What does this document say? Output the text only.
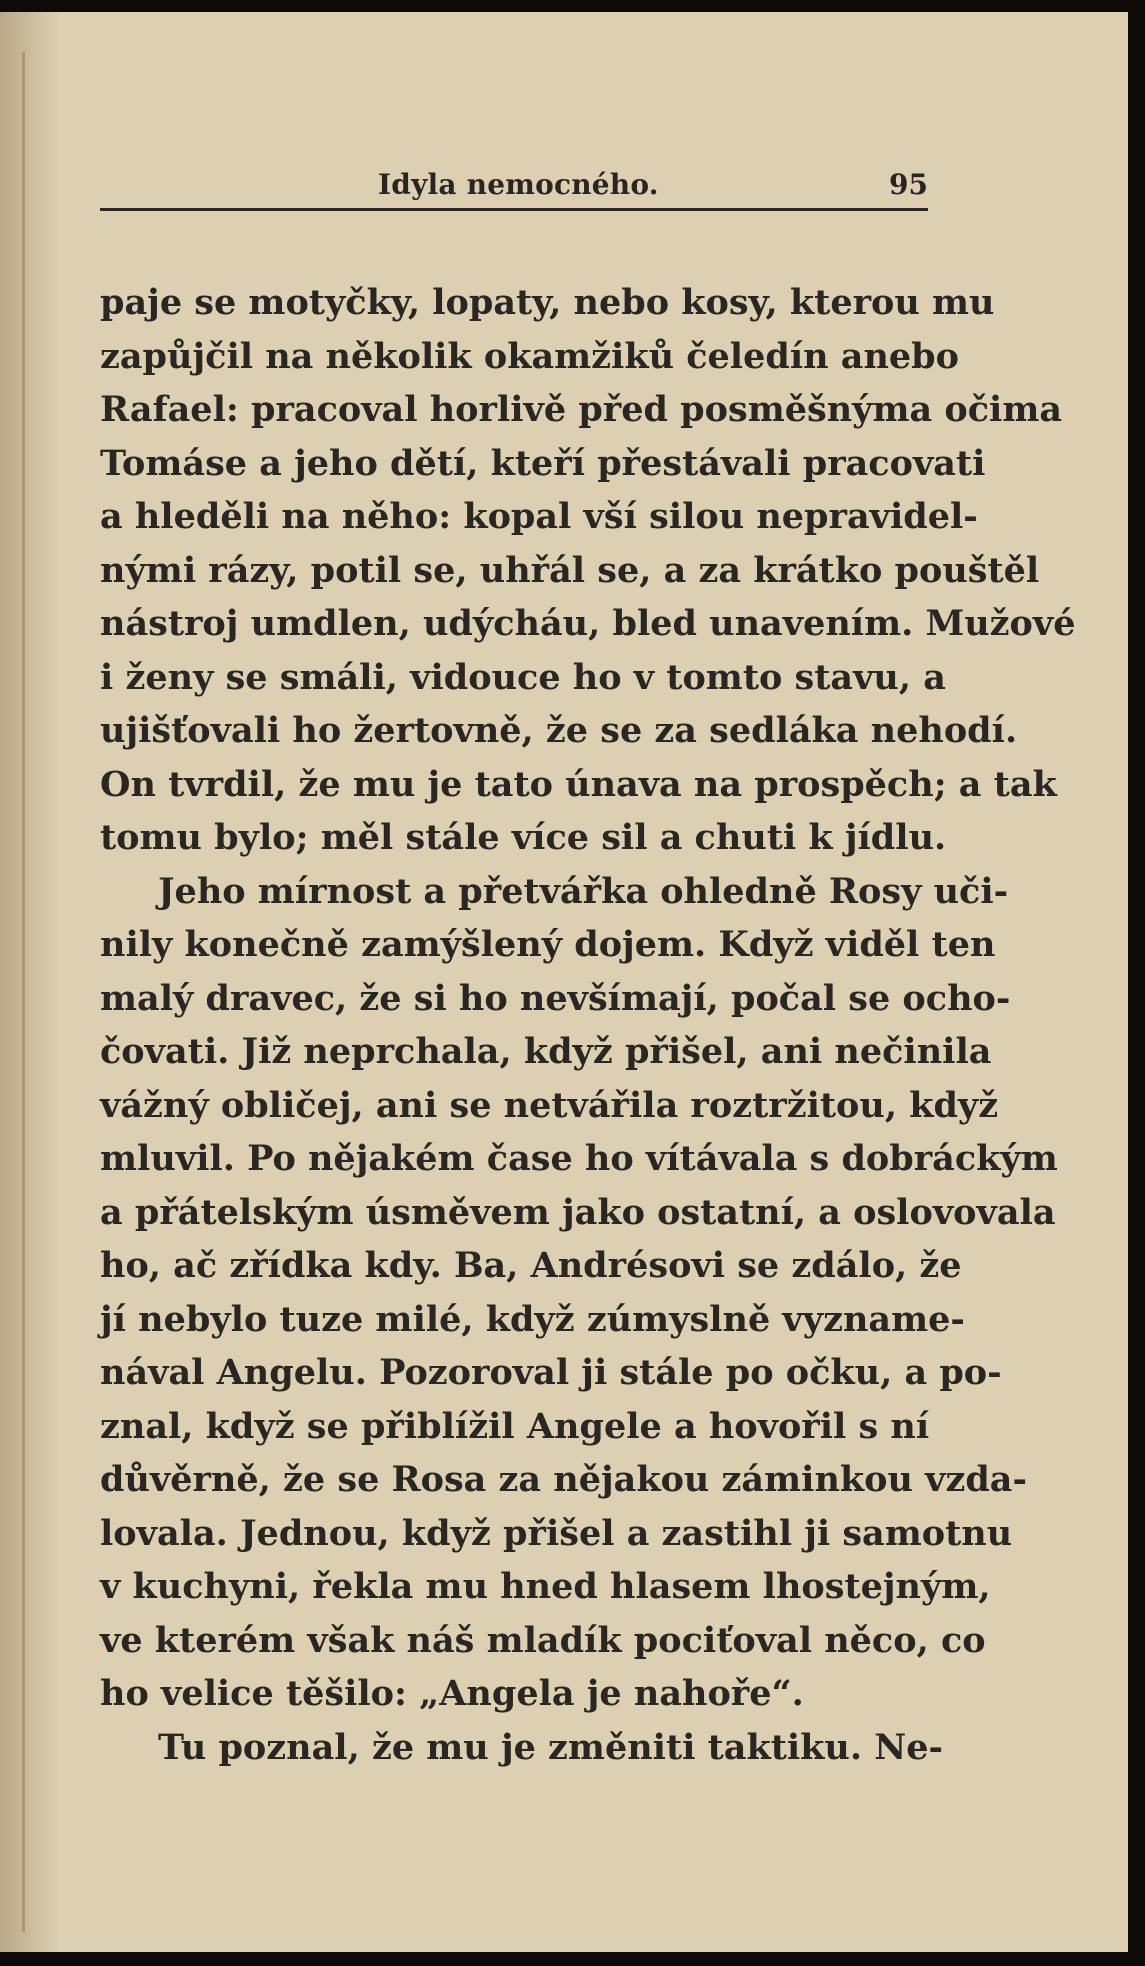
Idyla nemocného.	95
paje se motyčky, lopaty, nebo kosy, kterou mu
zapůjčil na několik okamžiků čeledín anebo
Rafael: pracoval horlivě před posměšnýma očima
Tomáse a jeho dětí, kteří přestávali pracovati
a hleděli na něho: kopal vší silou nepravidel-
nými rázy, potil se, uhřál se, a za krátko pouštěl
nástroj umdlen, udýcháu, bled unavením. Mužové
i ženy se smáli, vidouce ho v tomto stavu, a
ujišťovali ho žertovně, že se za sedláka nehodí.
On tvrdil, že mu je tato únava na prospěch; a tak
tomu bylo; měl stále více sil a chuti k jídlu.
Jeho mírnost a přetvářka ohledně Rosy uči-
nily konečně zamýšlený dojem. Když viděl ten
malý dravec, že si ho nevšímají, počal se ocho-
čovati. Již neprchala, když přišel, ani nečinila
vážný obličej, ani se netvářila roztržitou, když
mluvil. Po nějakém čase ho vítávala s dobráckým
a přátelským úsměvem jako ostatní, a oslovovala
ho, ač zřídka kdy. Ba, Andrésovi se zdálo, že
jí nebylo tuze milé, když zúmyslně vyzname-
nával Angelu. Pozoroval ji stále po očku, a po-
znal, když se přiblížil Angele a hovořil s ní
důvěrně, že se Rosa za nějakou záminkou vzda-
lovala. Jednou, když přišel a zastihl ji samotnu
v kuchyni, řekla mu hned hlasem lhostejným,
ve kterém však náš mladík pociťoval něco, co
ho velice těšilo: „Angela je nahoře“.
Tu poznal, že mu je změniti taktiku. Ne-
